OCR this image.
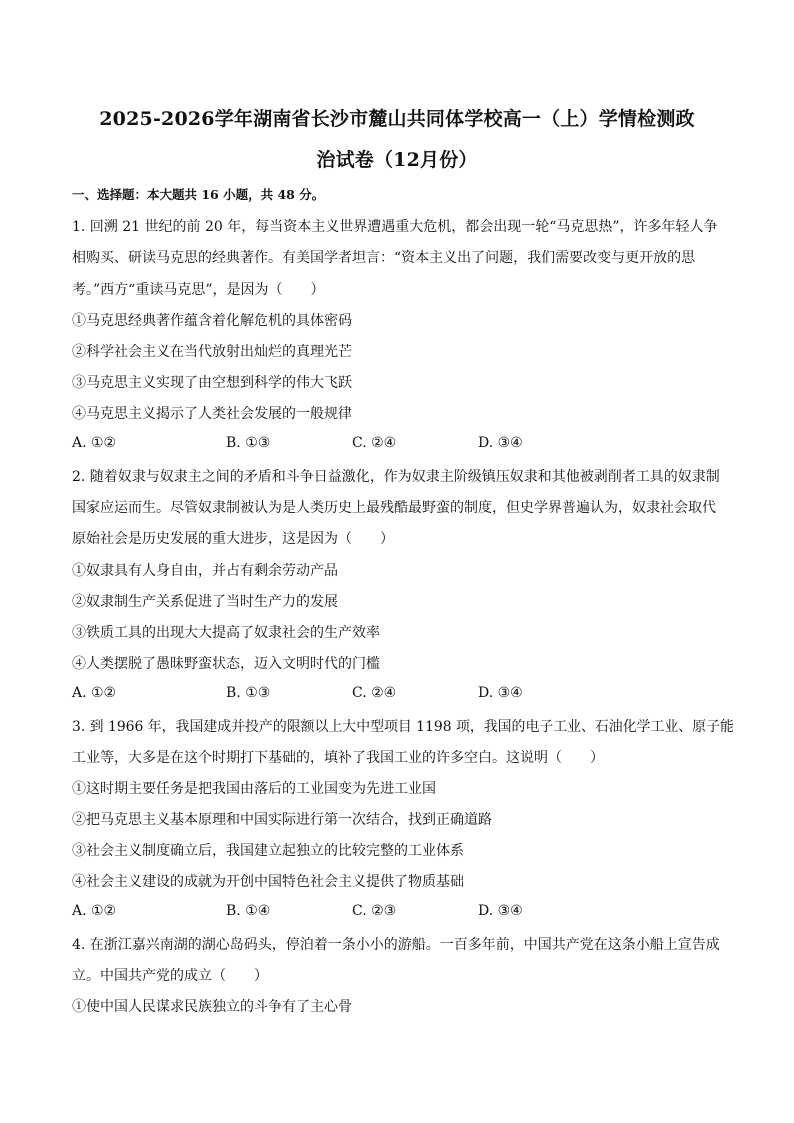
2025-2026学年湖南省长沙市麓山共同体学校高一（上）学情检测政
治试卷（12月份）
一、选择题：本大题共 16 小题，共 48 分。
1. 回溯 21 世纪的前 20 年，每当资本主义世界遭遇重大危机，都会出现一轮“马克思热”，许多年轻人争
相购买、研读马克思的经典著作。有美国学者坦言：“资本主义出了问题，我们需要改变与更开放的思
考。”西方“重读马克思”，是因为（　　）
①马克思经典著作蕴含着化解危机的具体密码
②科学社会主义在当代放射出灿烂的真理光芒
③马克思主义实现了由空想到科学的伟大飞跃
④马克思主义揭示了人类社会发展的一般规律
A. ①②	B. ①③	C. ②④	D. ③④
2. 随着奴隶与奴隶主之间的矛盾和斗争日益激化，作为奴隶主阶级镇压奴隶和其他被剥削者工具的奴隶制
国家应运而生。尽管奴隶制被认为是人类历史上最残酷最野蛮的制度，但史学界普遍认为，奴隶社会取代
原始社会是历史发展的重大进步，这是因为（　　）
①奴隶具有人身自由，并占有剩余劳动产品
②奴隶制生产关系促进了当时生产力的发展
③铁质工具的出现大大提高了奴隶社会的生产效率
④人类摆脱了愚昧野蛮状态，迈入文明时代的门槛
A. ①②	B. ①③	C. ②④	D. ③④
3. 到 1966 年，我国建成并投产的限额以上大中型项目 1198 项，我国的电子工业、石油化学工业、原子能
工业等，大多是在这个时期打下基础的，填补了我国工业的许多空白。这说明（　　）
①这时期主要任务是把我国由落后的工业国变为先进工业国
②把马克思主义基本原理和中国实际进行第一次结合，找到正确道路
③社会主义制度确立后，我国建立起独立的比较完整的工业体系
④社会主义建设的成就为开创中国特色社会主义提供了物质基础
A. ①②	B. ①④	C. ②③	D. ③④
4. 在浙江嘉兴南湖的湖心岛码头，停泊着一条小小的游船。一百多年前，中国共产党在这条小船上宣告成
立。中国共产党的成立（　　）
①使中国人民谋求民族独立的斗争有了主心骨
